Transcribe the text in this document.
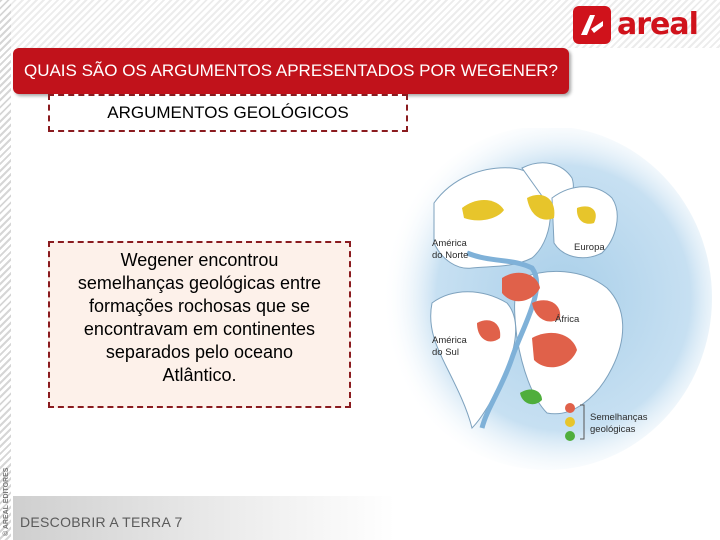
areal
QUAIS SÃO OS ARGUMENTOS APRESENTADOS POR WEGENER?
ARGUMENTOS GEOLÓGICOS
Wegener encontrou
semelhanças geológicas entre
formações rochosas que se
encontravam em continentes
separados pelo oceano
Atlântico.
América
do Norte
Europa
África
América
do Sul
Semelhanças
geológicas
DESCOBRIR A TERRA 7
© AREAL EDITORES
